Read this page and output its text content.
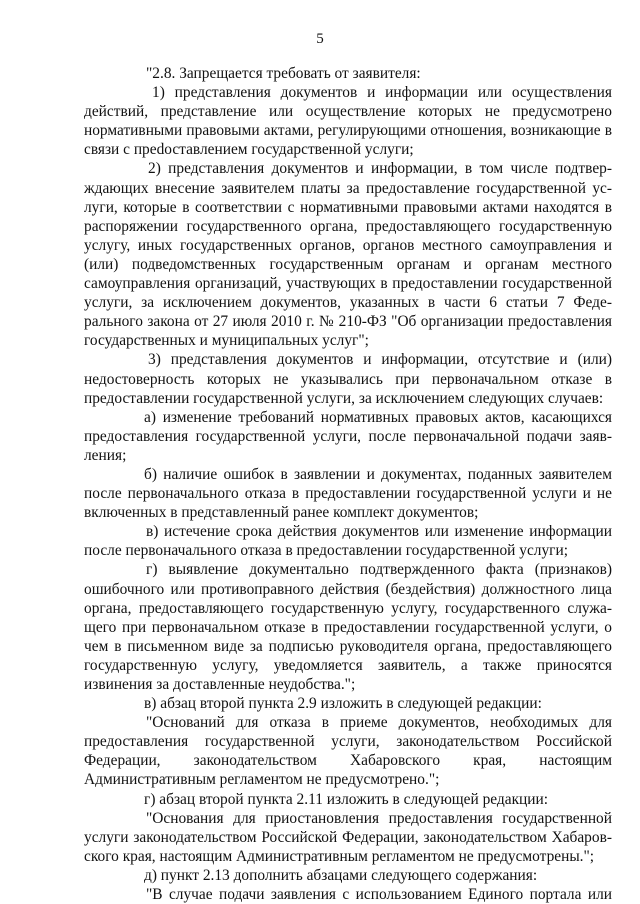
5

"2.8. Запрещается требовать от заявителя:

1) представления документов и информации или осуществления действий, представление или осуществление которых не предусмотрено нормативными правовыми актами, регулирующими отношения, возникающие в связи с преdоставлением государственной услуги;

2) представления документов и информации, в том числе подтверждающих внесение заявителем платы за предоставление государственной услуги, которые в соответствии с нормативными правовыми актами находятся в распоряжении государственного органа, предоставляющего государственную услугу, иных государственных органов, органов местного самоуправления и (или) подведомственных государственным органам и органам местного самоуправления организаций, участвующих в предоставлении государственной услуги, за исключением документов, указанных в части 6 статьи 7 Федерального закона от 27 июля 2010 г. № 210-ФЗ "Об организации предоставления государственных и муниципальных услуг";

3) представления документов и информации, отсутствие и (или) недостоверность которых не указывались при первоначальном отказе в предоставлении государственной услуги, за исключением следующих случаев:

а) изменение требований нормативных правовых актов, касающихся предоставления государственной услуги, после первоначальной подачи заявления;

б) наличие ошибок в заявлении и документах, поданных заявителем после первоначального отказа в предоставлении государственной услуги и не включенных в представленный ранее комплект документов;

в) истечение срока действия документов или изменение информации после первоначального отказа в предоставлении государственной услуги;

г) выявление документально подтвержденного факта (признаков) ошибочного или противоправного действия (бездействия) должностного лица органа, предоставляющего государственную услугу, государственного служащего при первоначальном отказе в предоставлении государственной услуги, о чем в письменном виде за подписью руководителя органа, предоставляющего государственную услугу, уведомляется заявитель, а также приносятся извинения за доставленные неудобства.";

в) абзац второй пункта 2.9 изложить в следующей редакции:

"Оснований для отказа в приеме документов, необходимых для предоставления государственной услуги, законодательством Российской Федерации, законодательством Хабаровского края, настоящим Административным регламентом не предусмотрено.";

г) абзац второй пункта 2.11 изложить в следующей редакции:

"Основания для приостановления предоставления государственной услуги законодательством Российской Федерации, законодательством Хабаровского края, настоящим Административным регламентом не предусмотрены.";

д) пункт 2.13 дополнить абзацами следующего содержания:

"В случае подачи заявления с использованием Единого портала или
